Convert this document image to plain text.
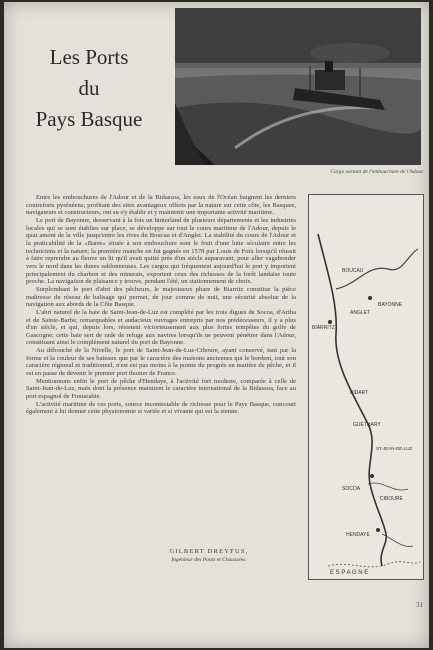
Les Ports
du
Pays Basque
Cargo sortant de l'embouchure de l'Adour.

Entre les embouchures de l'Adour et de la Bidassoa, les eaux de l'Océan baignent les derniers contreforts pyrénéens; profitant des sites avantageux offerts par la nature sur cette côte, les Basques, navigateurs et constructeurs, ont su s'y établir et y maintenir une importante activité maritime.

Le port de Bayonne, desservant à la fois un hinterland de plusieurs départements et les industries locales qui se sont établies sur place, se développe sur tout le cours maritime de l'Adour, depuis le quai amont de la ville jusqu'entre les rives du Boucau et d'Anglet. La stabilité du cours de l'Adour et la praticabilité de la «Barre» située à son embouchure sont le fruit d'une lutte séculaire entre les techniciens et la nature; la première manche en fut gagnée en 1578 par Louis de Foix lorsqu'il réussit à faire reprendre au fleuve un lit qu'il avait quitté près d'un siècle auparavant, pour aller vagabonder vers le nord dans les dunes sablonneuses. Les cargos qui fréquentent aujourd'hui le port y importent principalement du charbon et des minerais, exportent ceux des richesses de la forêt landaise toute proche. La navigation de plaisance y trouve, pendant l'été, un stationnement de choix.

Surplombant le port d'abri des pêcheurs, le majestueux phare de Biarritz constitue la pièce maîtresse du réseau de balisage qui permet, de jour comme de nuit, une sécurité absolue de la navigation aux abords de la Côte Basque.

L'abri naturel de la baie de Saint-Jean-de-Luz est complété par les trois digues de Socoa, d'Artha et de Sainte-Barbe, remarquables et audacieux ouvrages entrepris par nos prédécesseurs, il y a plus d'un siècle, et qui, depuis lors, résistent victorieusement aux plus fortes tempêtes du golfe de Gascogne; cette baie sert de rade de refuge aux navires lorsqu'ils ne peuvent pénétrer dans l'Adour, constituant ainsi le complément naturel du port de Bayonne.

Au débouché de la Nivelle, le port de Saint-Jean-de-Luz-Ciboure, ayant conservé, tant par la forme et la couleur de ses bateaux que par le caractère des maisons anciennes qui le bordent, tout son caractère régional et traditionnel, n'est est pas moins à la pointe du progrès en matière de pêche, et il est en passe de devenir le premier port thonier de France.

Mentionnons enfin le port de pêche d'Hendaye, à l'activité fort modeste, comparée à celle de Saint-Jean-de-Luz, mais dont la présence maintient le caractère international de la Bidassoa, face au port espagnol de Fontarabie.

L'activité maritime de ces ports, source incontestable de richesse pour le Pays Basque, concourt également à lui donner cette physionomie si variée et si vivante qui est la sienne.

GILBERT DREYFUS,
Ingénieur des Ponts et Chaussées.
BOUCAU
BIARRITZ
BAYONNE
ANGLET
BIDART
GUÉTHARY
ST-JEAN-DE-LUZ
SOCOA
CIBOURE
HENDAYE
E S P A G N E
31
